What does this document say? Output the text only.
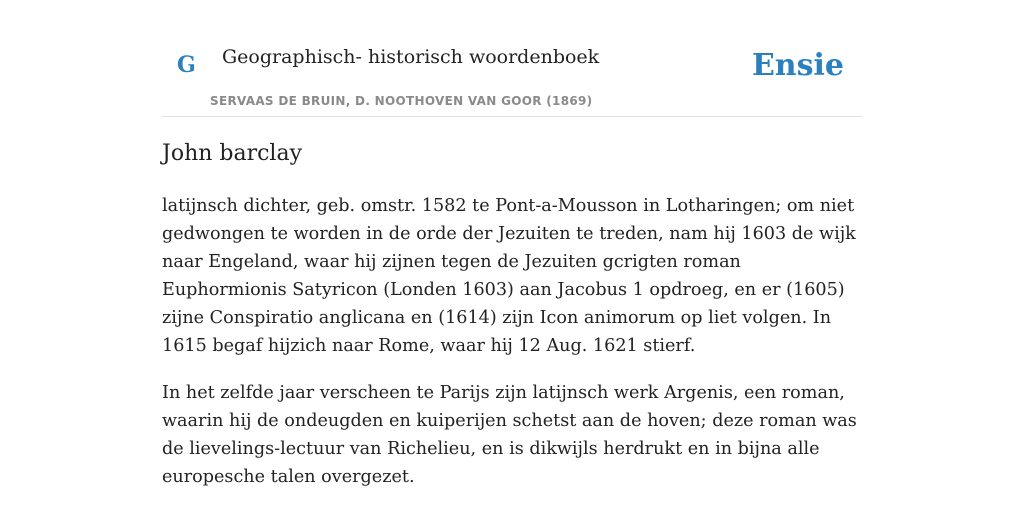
G Geographisch- historisch woordenboek
SERVAAS DE BRUIN, D. NOOTHOVEN VAN GOOR (1869)
Ensie
John barclay

latijnsch dichter, geb. omstr. 1582 te Pont-a-Mousson in Lotharingen; om niet gedwongen te worden in de orde der Jezuiten te treden, nam hij 1603 de wijk naar Engeland, waar hij zijnen tegen de Jezuiten gcrigten roman Euphormionis Satyricon (Londen 1603) aan Jacobus 1 opdroeg, en er (1605) zijne Conspiratio anglicana en (1614) zijn Icon animorum op liet volgen. In 1615 begaf hijzich naar Rome, waar hij 12 Aug. 1621 stierf.

In het zelfde jaar verscheen te Parijs zijn latijnsch werk Argenis, een roman, waarin hij de ondeugden en kuiperijen schetst aan de hoven; deze roman was de lievelings-lectuur van Richelieu, en is dikwijls herdrukt en in bijna alle europesche talen overgezet.
